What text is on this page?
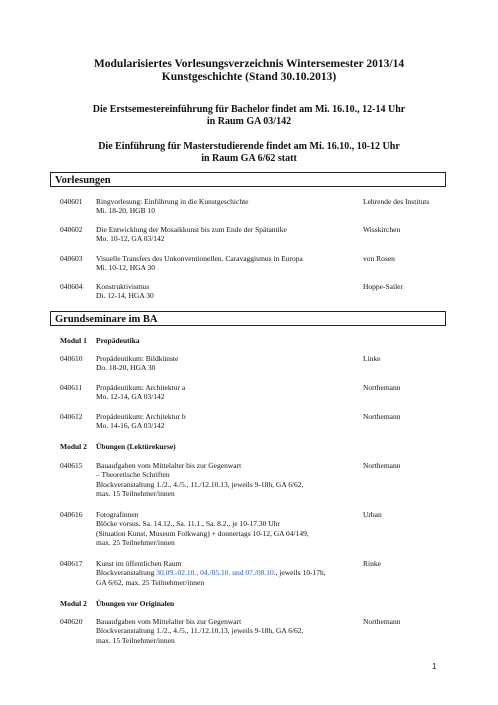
Modularisiertes Vorlesungsverzeichnis Wintersemester 2013/14
Kunstgeschichte (Stand 30.10.2013)
Die Erstsemestereinführung für Bachelor findet am Mi. 16.10., 12-14 Uhr
in Raum GA 03/142
Die Einführung für Masterstudierende findet am Mi. 16.10., 10-12 Uhr
in Raum GA 6/62 statt
Vorlesungen
040601 Ringvorlesung: Einführung in die Kunstgeschichte
Mi. 18-20, HGB 10
Lehrende des Instituts
040602 Die Entwicklung der Mosaikkunst bis zum Ende der Spätantike
Mo. 10-12, GA 03/142
Wisskirchen
040603 Visuelle Transfers des Unkonventionellen. Caravaggismus in Europa
Mi. 10-12, HGA 30
von Rosen
040604 Konstruktivismus
Di. 12-14, HGA 30
Hoppe-Sailer
Grundseminare im BA
Modul 1 Propädeutika
040610 Propädeutikum: Bildkünste
Do. 18-20, HGA 30
Linke
040611 Propädeutikum: Architektur a
Mo. 12-14, GA 03/142
Northemann
040612 Propädeutikum: Architektur b
Mo. 14-16, GA 03/142
Northemann
Modul 2 Übungen (Lektürekurse)
040615 Bauaufgaben vom Mittelalter bis zur Gegenwart
– Theoretische Schriften
Blockveranstaltung 1./2., 4./5., 11./12.10.13, jeweils 9-18h, GA 6/62,
max. 15 Teilnehmer/innen
Northemann
040616 Fotografinnen
Blöcke vorsus. Sa. 14.12., Sa. 11.1., Sa. 8.2., je 10-17.30 Uhr
(Situation Kunst, Museum Folkwang) + donnertags 10-12, GA 04/149,
max. 25 Teilnehmer/innen
Urban
040617 Kunst im öffentlichen Raum
Blockveranstaltung 30.09.-02.10.; 04./05.10. und 07./08.10., jeweils 10-17h,
GA 6/62, max. 25 Teilnehmer/innen
Rinke
Modul 2 Übungen vor Originalen
040620 Bauaufgaben vom Mittelalter bis zur Gegenwart
Blockveranstaltung 1./2., 4./5., 11./12.10.13, jeweils 9-18h, GA 6/62,
max. 15 Teilnehmer/innen
Northemann
1
